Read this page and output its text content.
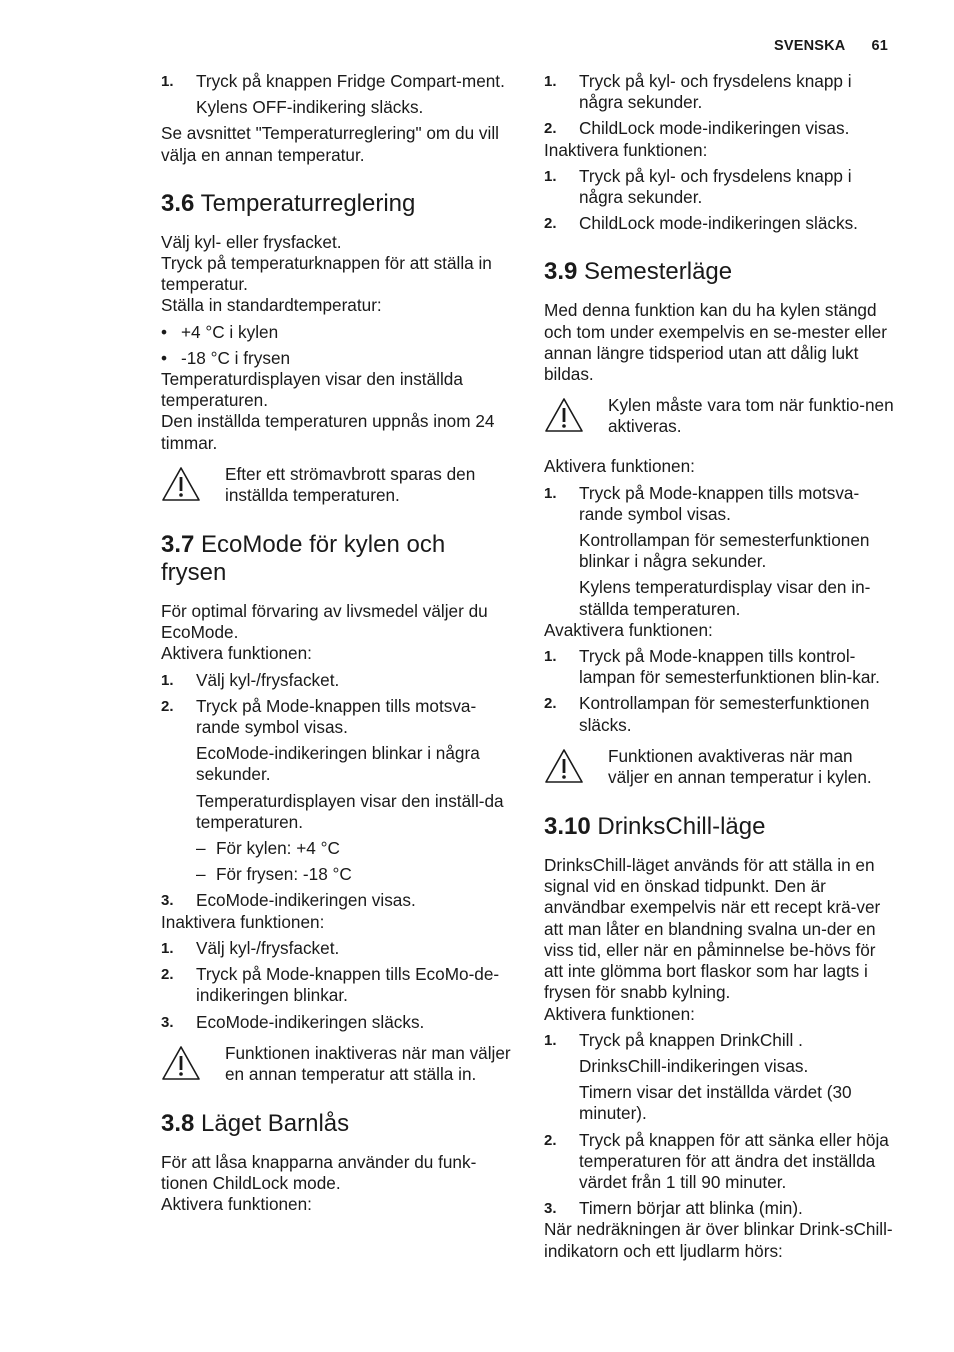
SVENSKA 61
1.	Tryck på knappen Fridge Compart-ment.

Kylens OFF-indikering släcks.

Se avsnittet "Temperaturreglering" om du vill välja en annan temperatur.

3.6 Temperaturreglering

Välj kyl- eller frysfacket.

Tryck på temperaturknappen för att ställa in temperatur.

Ställa in standardtemperatur:

• +4 °C i kylen
• -18 °C i frysen

Temperaturdisplayen visar den inställda temperaturen.

Den inställda temperaturen uppnås inom 24 timmar.

Efter ett strömavbrott sparas den inställda temperaturen.
3.7 EcoMode för kylen och frysen

För optimal förvaring av livsmedel väljer du EcoMode.

Aktivera funktionen:

1.	Välj kyl-/frysfacket.
2.	Tryck på Mode-knappen tills motsva-rande symbol visas.

EcoMode-indikeringen blinkar i några sekunder.

Temperaturdisplayen visar den inställ-da temperaturen.

– För kylen: +4 °C
– För frysen: -18 °C
3.	EcoMode-indikeringen visas.

Inaktivera funktionen:

1.	Välj kyl-/frysfacket.
2.	Tryck på Mode-knappen tills EcoMo-de-indikeringen blinkar.
3.	EcoMode-indikeringen släcks.
Funktionen inaktiveras när man väljer en annan temperatur att ställa in.
3.8 Läget Barnlås

För att låsa knapparna använder du funk-tionen ChildLock mode.

Aktivera funktionen:

1.	Tryck på kyl- och frysdelens knapp i några sekunder.
2.	ChildLock mode-indikeringen visas.

Inaktivera funktionen:

1.	Tryck på kyl- och frysdelens knapp i några sekunder.
2.	ChildLock mode-indikeringen släcks.
3.9 Semesterläge

Med denna funktion kan du ha kylen stängd och tom under exempelvis en se-mester eller annan längre tidsperiod utan att dålig lukt bildas.

Kylen måste vara tom när funktio-nen aktiveras.

Aktivera funktionen:

1.	Tryck på Mode-knappen tills motsva-rande symbol visas.

Kontrollampan för semesterfunktionen blinkar i några sekunder.

Kylens temperaturdisplay visar den in-ställda temperaturen.

Avaktivera funktionen:

1.	Tryck på Mode-knappen tills kontrol-lampan för semesterfunktionen blin-kar.
2.	Kontrollampan för semesterfunktionen släcks.
Funktionen avaktiveras när man väljer en annan temperatur i kylen.
3.10 DrinksChill-läge

DrinksChill-läget används för att ställa in en signal vid en önskad tidpunkt. Den är användbar exempelvis när ett recept krä-ver att man låter en blandning svalna un-der en viss tid, eller när en påminnelse be-hövs för att inte glömma bort flaskor som har lagts i frysen för snabb kylning.

Aktivera funktionen:

1.	Tryck på knappen DrinkChill .

DrinksChill-indikeringen visas.

Timern visar det inställda värdet (30 minuter).

2.	Tryck på knappen för att sänka eller höja temperaturen för att ändra det inställda värdet från 1 till 90 minuter.
3.	Timern börjar att blinka (min).

När nedräkningen är över blinkar Drink-sChill-indikatorn och ett ljudlarm hörs:
